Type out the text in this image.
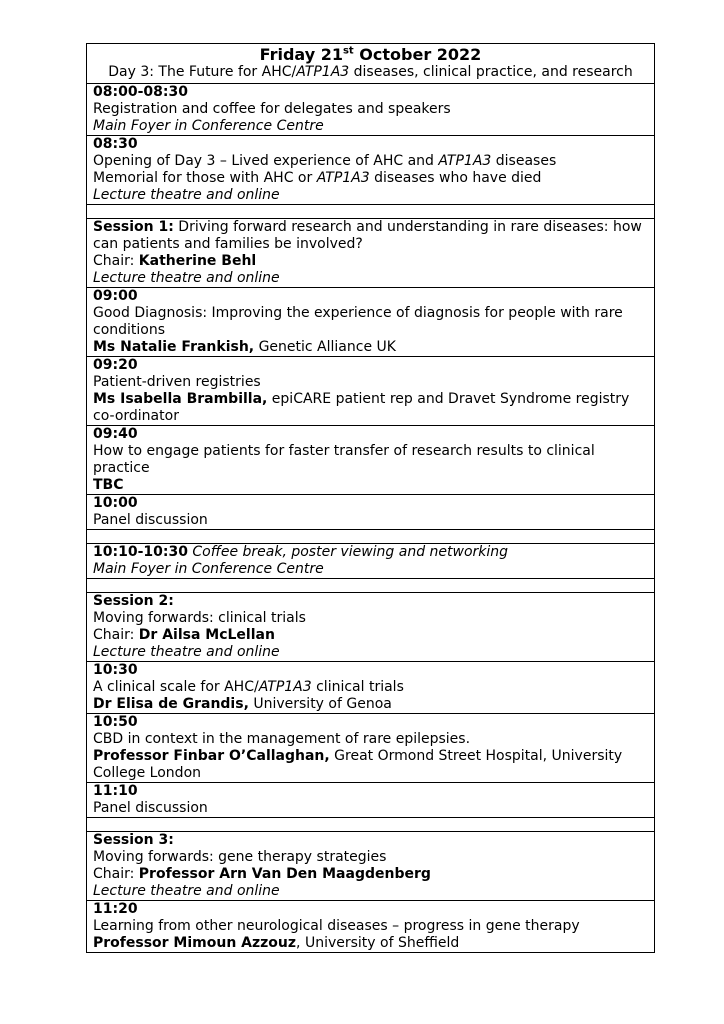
Friday 21st October 2022
Day 3: The Future for AHC/ATP1A3 diseases, clinical practice, and research

08:00-08:30
Registration and coffee for delegates and speakers
Main Foyer in Conference Centre

08:30
Opening of Day 3 – Lived experience of AHC and ATP1A3 diseases
Memorial for those with AHC or ATP1A3 diseases who have died
Lecture theatre and online

Session 1: Driving forward research and understanding in rare diseases: how can patients and families be involved?
Chair: Katherine Behl
Lecture theatre and online

09:00
Good Diagnosis: Improving the experience of diagnosis for people with rare conditions
Ms Natalie Frankish, Genetic Alliance UK

09:20
Patient-driven registries
Ms Isabella Brambilla, epiCARE patient rep and Dravet Syndrome registry co-ordinator

09:40
How to engage patients for faster transfer of research results to clinical practice
TBC

10:00
Panel discussion

10:10-10:30 Coffee break, poster viewing and networking
Main Foyer in Conference Centre

Session 2:
Moving forwards: clinical trials
Chair: Dr Ailsa McLellan
Lecture theatre and online

10:30
A clinical scale for AHC/ATP1A3 clinical trials
Dr Elisa de Grandis, University of Genoa

10:50
CBD in context in the management of rare epilepsies.
Professor Finbar O’Callaghan, Great Ormond Street Hospital, University College London

11:10
Panel discussion

Session 3:
Moving forwards: gene therapy strategies
Chair: Professor Arn Van Den Maagdenberg
Lecture theatre and online

11:20
Learning from other neurological diseases – progress in gene therapy
Professor Mimoun Azzouz, University of Sheffield
